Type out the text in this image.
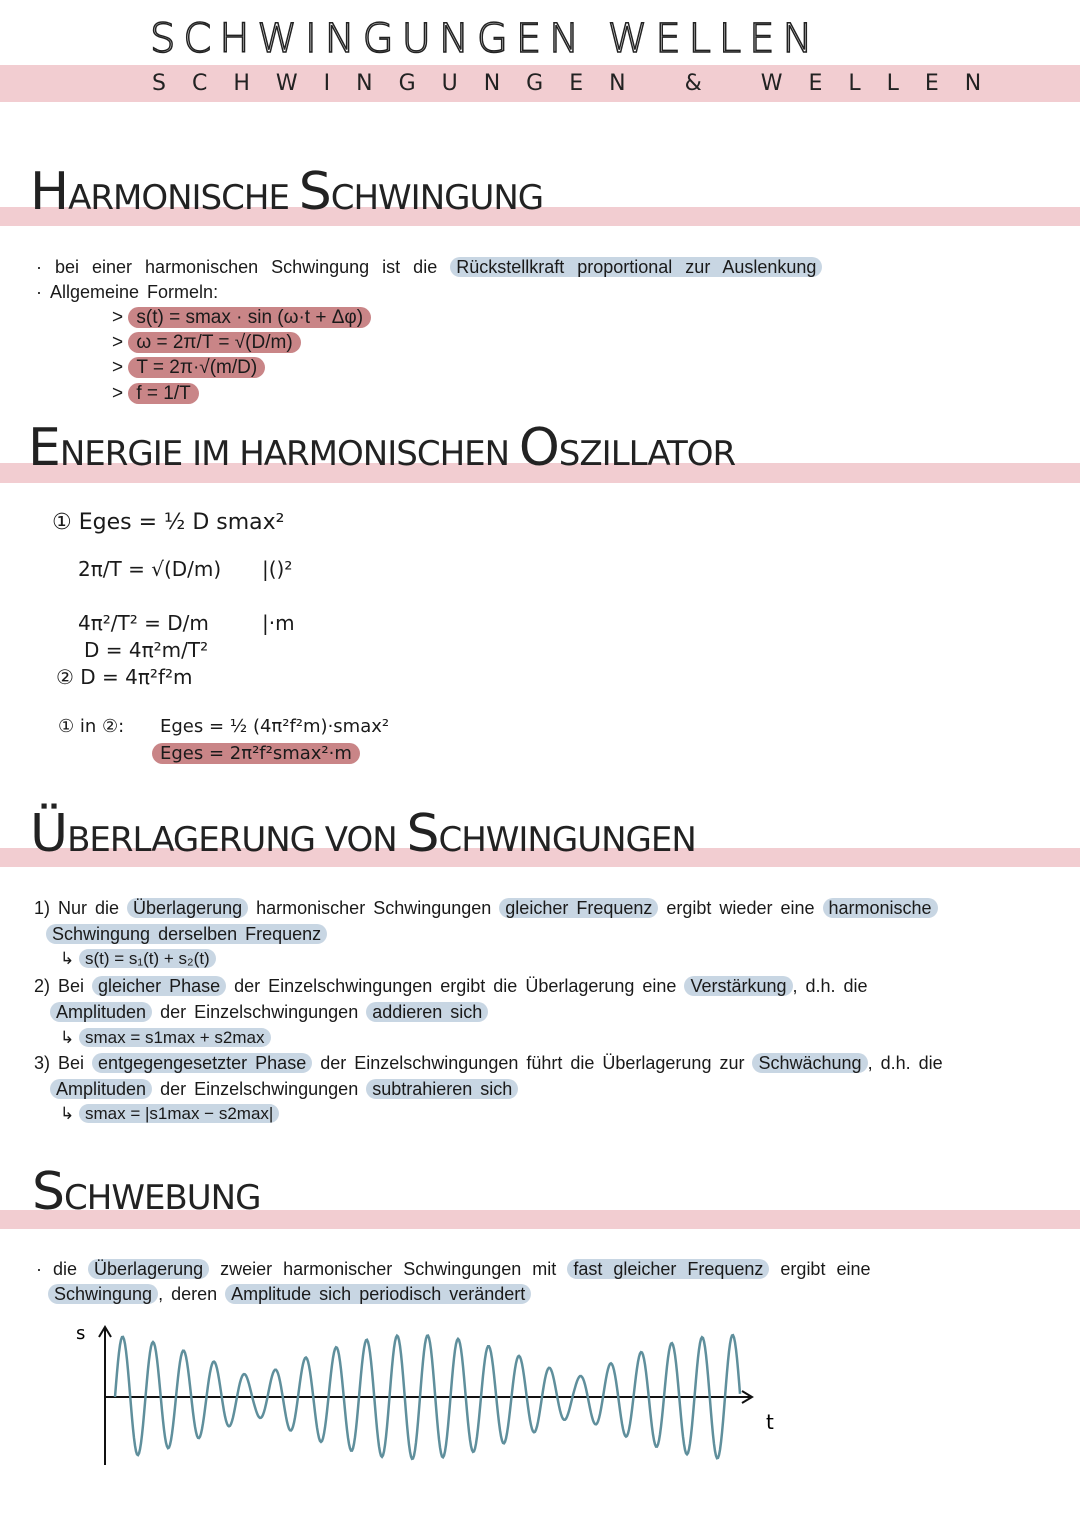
SCHWINGUNGEN WELLEN
SCHWINGUNGEN & WELLEN
HARMONISCHE SCHWINGUNG
· bei einer harmonischen Schwingung ist die Rückstellkraft proportional zur Auslenkung
· Allgemeine Formeln:
> s(t) = smax · sin (ω·t + Δφ)
> ω = 2π/T = √(D/m)
> T = 2π·√(m/D)
> f = 1/T
ENERGIE IM HARMONISCHEN OSZILLATOR
① Eges = ½ D smax²
2π/T = √(D/m) |()²
4π²/T² = D/m	|·m
D = 4π²m/T²
② D = 4π²f²m
① in ②: Eges = ½ (4π²f²m)·smax²
Eges = 2π²f²smax²·m
ÜBERLAGERUNG VON SCHWINGUNGEN
1) Nur die Überlagerung harmonischer Schwingungen gleicher Frequenz ergibt wieder eine harmonische
Schwingung derselben Frequenz
↳ s(t) = s₁(t) + s₂(t)
2) Bei gleicher Phase der Einzelschwingungen ergibt die Überlagerung eine Verstärkung , d.h. die
Amplituden der Einzelschwingungen addieren sich
↳ smax = s1max + s2max
3) Bei entgegengesetzter Phase der Einzelschwingungen führt die Überlagerung zur Schwächung , d.h. die
Amplituden der Einzelschwingungen subtrahieren sich
↳ smax = |s1max − s2max|
SCHWEBUNG
· die Überlagerung zweier harmonischer Schwingungen mit fast gleicher Frequenz ergibt eine
Schwingung , deren Amplitude sich periodisch verändert
s
t
